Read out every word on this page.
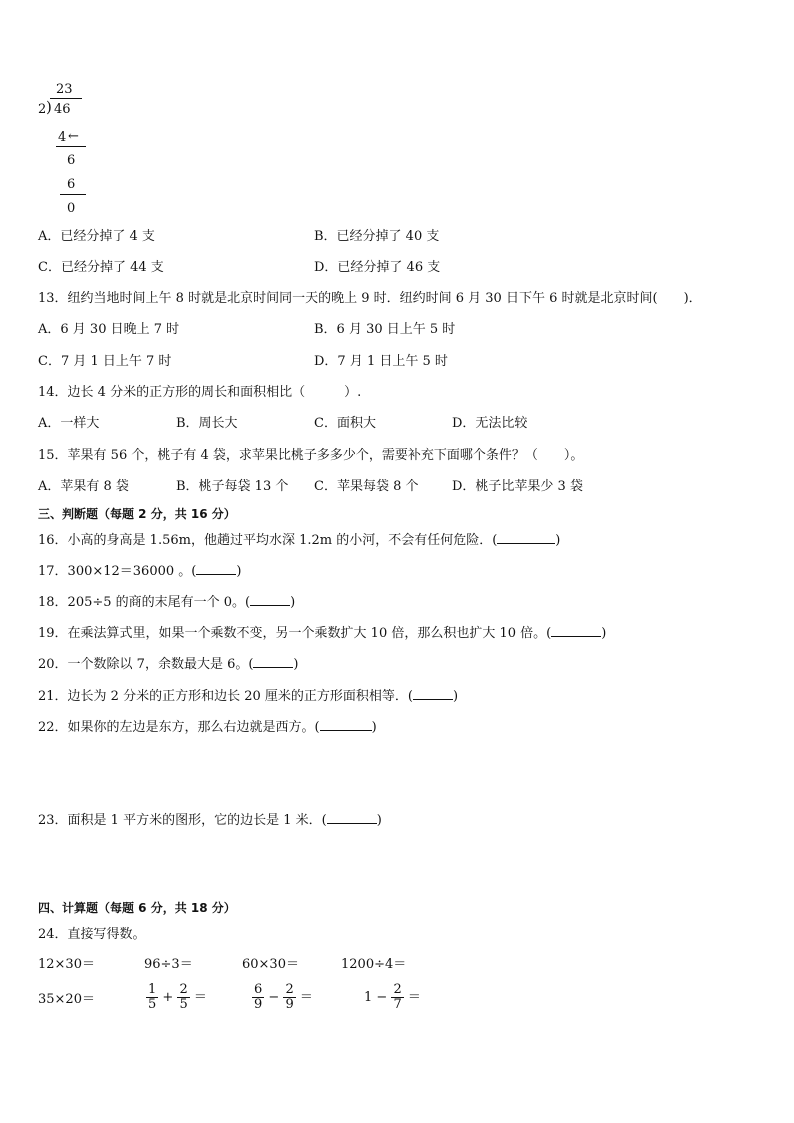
23
2 ) 46
4 ←
6
6
0
A．已经分掉了 4 支	B．已经分掉了 40 支
C．已经分掉了 44 支	D．已经分掉了 46 支
13．纽约当地时间上午 8 时就是北京时间同一天的晚上 9 时．纽约时间 6 月 30 日下午 6 时就是北京时间(　　)．
A．6 月 30 日晚上 7 时	B．6 月 30 日上午 5 时
C．7 月 1 日上午 7 时	D．7 月 1 日上午 5 时
14．边长 4 分米的正方形的周长和面积相比（　　　）.
A．一样大	B．周长大	C．面积大	D．无法比较
15．苹果有 56 个，桃子有 4 袋，求苹果比桃子多多少个，需要补充下面哪个条件？（　　）。
A．苹果有 8 袋	B．桃子每袋 13 个 C．苹果每袋 8 个	D．桃子比苹果少 3 袋
三、判断题（每题 2 分，共 16 分）
16．小高的身高是 1.56m，他趟过平均水深 1.2m 的小河，不会有任何危险．(	)
17．300×12＝36000 。(	)
18．205÷5 的商的末尾有一个 0。(	)
19．在乘法算式里，如果一个乘数不变，另一个乘数扩大 10 倍，那么积也扩大 10 倍。(	)
20．一个数除以 7，余数最大是 6。(	)
21．边长为 2 分米的正方形和边长 20 厘米的正方形面积相等．(	)
22．如果你的左边是东方，那么右边就是西方。(	)
23．面积是 1 平方米的图形，它的边长是 1 米．(	)
四、计算题（每题 6 分，共 18 分）
24．直接写得数。
12×30＝	96÷3＝	60×30＝	1200÷4＝
35×20＝	$\frac{1}{5} + \frac{2}{5}$ ＝	$\frac{6}{9} - \frac{2}{9}$ ＝	$1 - \frac{2}{7}$ ＝
